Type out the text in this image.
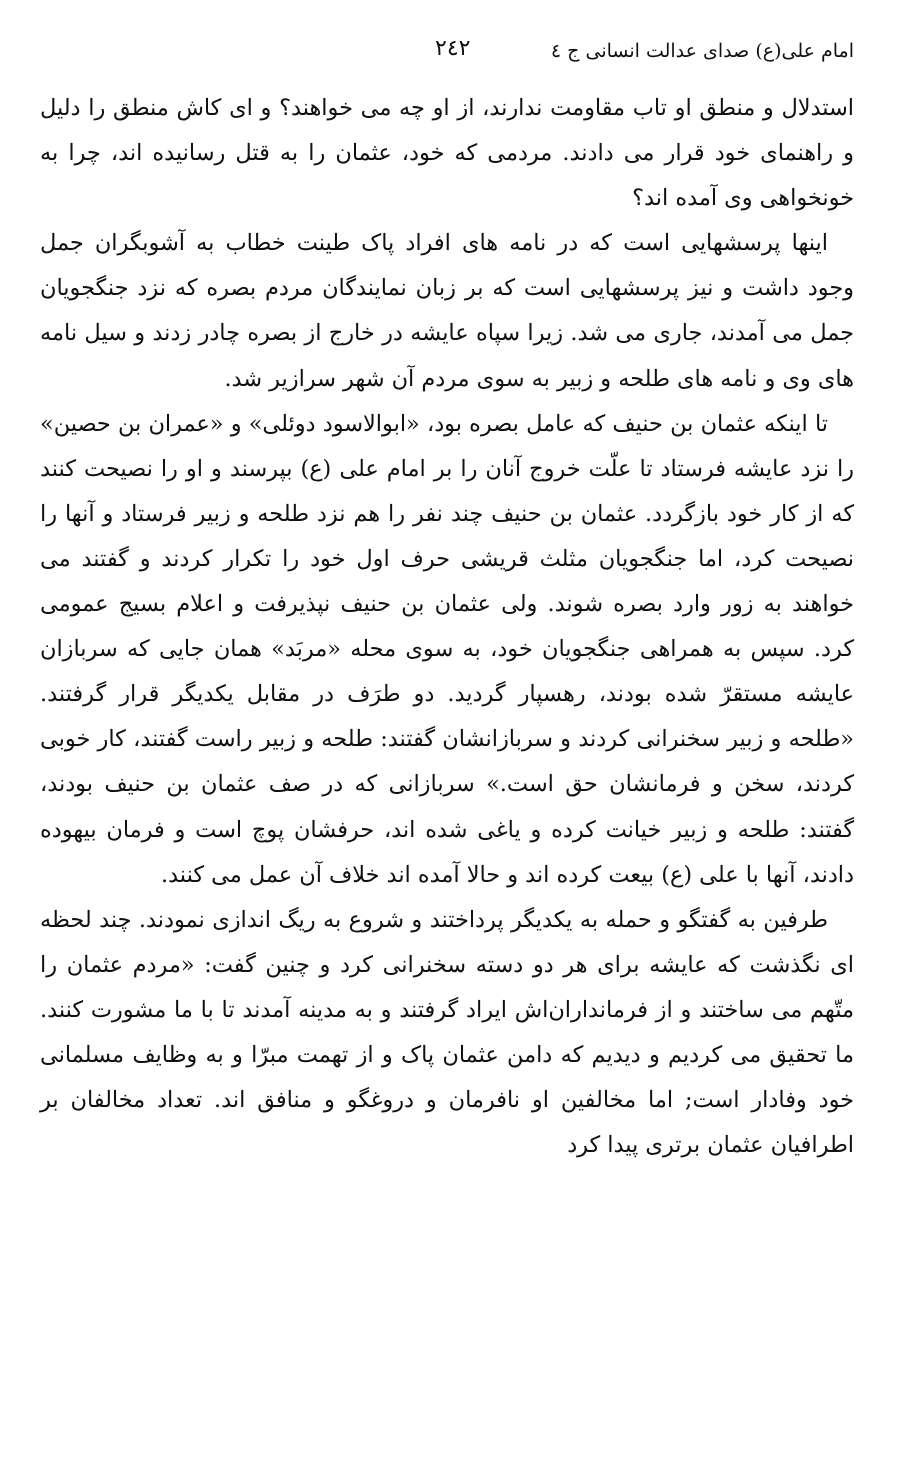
امام علی(ع) صدای عدالت انسانی ج ٤
٢٤٢

استدلال و منطق او تاب مقاومت ندارند، از او چه می خواهند؟ و ای کاش منطق را دلیل و راهنمای خود قرار می دادند. مردمی که خود، عثمان را به قتل رسانیده اند، چرا به خونخواهی وی آمده اند؟

اینها پرسشهایی است که در نامه های افراد پاک طینت خطاب به آشوبگران جمل وجود داشت و نیز پرسشهایی است که بر زبان نمایندگان مردم بصره که نزد جنگجویان جمل می آمدند، جاری می شد. زیرا سپاه عایشه در خارج از بصره چادر زدند و سیل نامه های وی و نامه های طلحه و زبیر به سوی مردم آن شهر سرازیر شد.

تا اینکه عثمان بن حنیف که عامل بصره بود، «ابوالاسود دوئلی» و «عمران بن حصین» را نزد عایشه فرستاد تا علّت خروج آنان را بر امام علی (ع) بپرسند و او را نصیحت کنند که از کار خود بازگردد. عثمان بن حنیف چند نفر را هم نزد طلحه و زبیر فرستاد و آنها را نصیحت کرد، اما جنگجویان مثلث قریشی حرف اول خود را تکرار کردند و گفتند می خواهند به زور وارد بصره شوند. ولی عثمان بن حنیف نپذیرفت و اعلام بسیج عمومی کرد. سپس به همراهی جنگجویان خود، به سوی محله «مربَد» همان جایی که سربازان عایشه مستقرّ شده بودند، رهسپار گردید. دو طرَف در مقابل یکدیگر قرار گرفتند. «طلحه و زبیر سخنرانی کردند و سربازانشان گفتند: طلحه و زبیر راست گفتند، کار خوبی کردند، سخن و فرمانشان حق است.» سربازانی که در صف عثمان بن حنیف بودند، گفتند: طلحه و زبیر خیانت کرده و یاغی شده اند، حرفشان پوچ است و فرمان بیهوده دادند، آنها با علی (ع) بیعت کرده اند و حالا آمده اند خلاف آن عمل می کنند.

طرفین به گفتگو و حمله به یکدیگر پرداختند و شروع به ریگ اندازی نمودند. چند لحظه ای نگذشت که عایشه برای هر دو دسته سخنرانی کرد و چنین گفت: «مردم عثمان را متّهم می ساختند و از فرمانداران‌اش ایراد گرفتند و به مدینه آمدند تا با ما مشورت کنند. ما تحقیق می کردیم و دیدیم که دامن عثمان پاک و از تهمت مبرّا و به وظایف مسلمانی خود وفادار است; اما مخالفین او نافرمان و دروغگو و منافق اند. تعداد مخالفان بر اطرافیان عثمان برتری پیدا کرد
